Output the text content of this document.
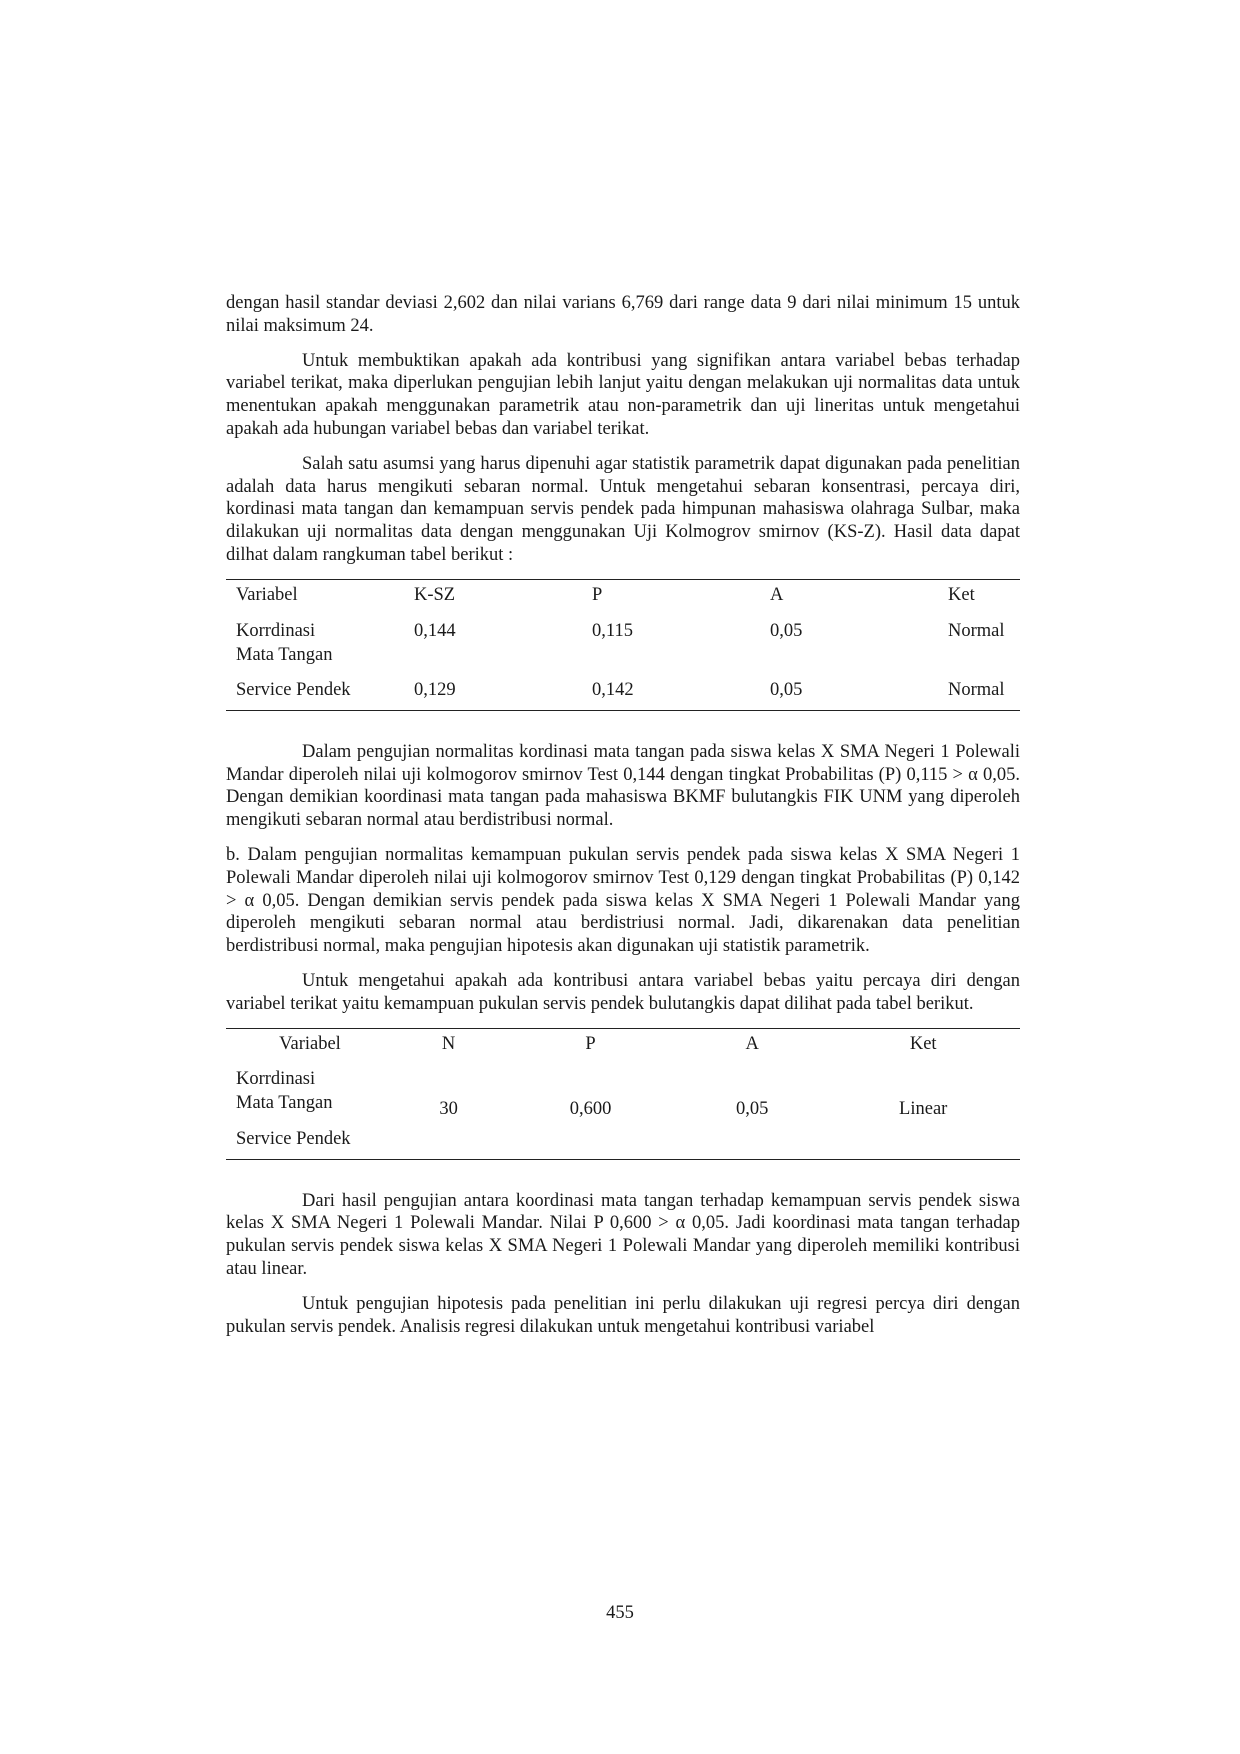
dengan hasil standar deviasi 2,602 dan nilai varians 6,769 dari range data 9 dari nilai minimum 15 untuk nilai maksimum 24.

Untuk membuktikan apakah ada kontribusi yang signifikan antara variabel bebas terhadap variabel terikat, maka diperlukan pengujian lebih lanjut yaitu dengan melakukan uji normalitas data untuk menentukan apakah menggunakan parametrik atau non-parametrik dan uji lineritas untuk mengetahui apakah ada hubungan variabel bebas dan variabel terikat.

Salah satu asumsi yang harus dipenuhi agar statistik parametrik dapat digunakan pada penelitian adalah data harus mengikuti sebaran normal. Untuk mengetahui sebaran konsentrasi, percaya diri, kordinasi mata tangan dan kemampuan servis pendek pada himpunan mahasiswa olahraga Sulbar, maka dilakukan uji normalitas data dengan menggunakan Uji Kolmogrov smirnov (KS-Z). Hasil data dapat dilhat dalam rangkuman tabel berikut :

Variabel	K-SZ	P	A	Ket

Korrdinasi
Mata Tangan	0,144	0,115	0,05	Normal
Service Pendek	0,129	0,142	0,05	Normal

Dalam pengujian normalitas kordinasi mata tangan pada siswa kelas X SMA Negeri 1 Polewali Mandar diperoleh nilai uji kolmogorov smirnov Test 0,144 dengan tingkat Probabilitas (P) 0,115 > α 0,05. Dengan demikian koordinasi mata tangan pada mahasiswa BKMF bulutangkis FIK UNM yang diperoleh mengikuti sebaran normal atau berdistribusi normal.

b. Dalam pengujian normalitas kemampuan pukulan servis pendek pada siswa kelas X SMA Negeri 1 Polewali Mandar diperoleh nilai uji kolmogorov smirnov Test 0,129 dengan tingkat Probabilitas (P) 0,142 > α 0,05. Dengan demikian servis pendek pada siswa kelas X SMA Negeri 1 Polewali Mandar yang diperoleh mengikuti sebaran normal atau berdistriusi normal. Jadi, dikarenakan data penelitian berdistribusi normal, maka pengujian hipotesis akan digunakan uji statistik parametrik.

Untuk mengetahui apakah ada kontribusi antara variabel bebas yaitu percaya diri dengan variabel terikat yaitu kemampuan pukulan servis pendek bulutangkis dapat dilihat pada tabel berikut.

Variabel	N	P	A	Ket

Korrdinasi
Mata Tangan
Service Pendek	30	0,600	0,05	Linear

Dari hasil pengujian antara koordinasi mata tangan terhadap kemampuan servis pendek siswa kelas X SMA Negeri 1 Polewali Mandar. Nilai P 0,600 > α 0,05. Jadi koordinasi mata tangan terhadap pukulan servis pendek siswa kelas X SMA Negeri 1 Polewali Mandar yang diperoleh memiliki kontribusi atau linear.

Untuk pengujian hipotesis pada penelitian ini perlu dilakukan uji regresi percya diri dengan pukulan servis pendek. Analisis regresi dilakukan untuk mengetahui kontribusi variabel

455
